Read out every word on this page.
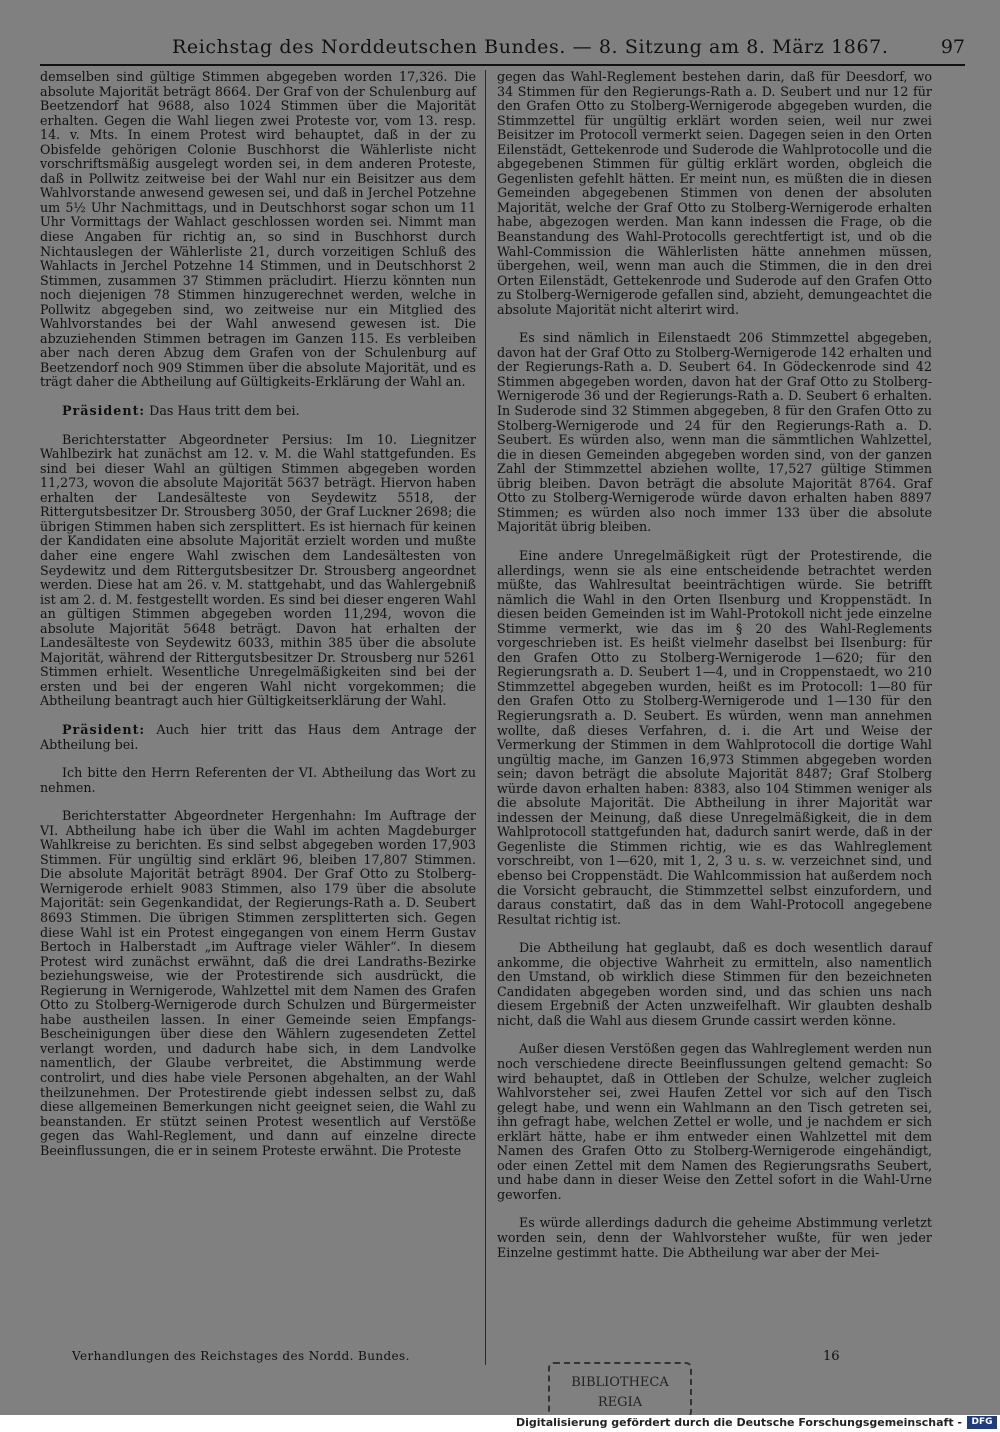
Reichstag des Norddeutschen Bundes. — 8. Sitzung am 8. März 1867.	97

demselben sind gültige Stimmen abgegeben worden 17,326. Die absolute Majorität beträgt 8664. Der Graf von der Schulenburg auf Beetzendorf hat 9688, also 1024 Stimmen über die Majorität erhalten. Gegen die Wahl liegen zwei Proteste vor, vom 13. resp. 14. v. Mts. In einem Protest wird behauptet, daß in der zu Obisfelde gehörigen Colonie Buschhorst die Wählerliste nicht vorschriftsmäßig ausgelegt worden sei, in dem anderen Proteste, daß in Pollwitz zeitweise bei der Wahl nur ein Beisitzer aus dem Wahlvorstande anwesend gewesen sei, und daß in Jerchel Potzehne um 5½ Uhr Nachmittags, und in Deutschhorst sogar schon um 11 Uhr Vormittags der Wahlact geschlossen worden sei. Nimmt man diese Angaben für richtig an, so sind in Buschhorst durch Nichtauslegen der Wählerliste 21, durch vorzeitigen Schluß des Wahlacts in Jerchel Potzehne 14 Stimmen, und in Deutschhorst 2 Stimmen, zusammen 37 Stimmen präcludirt. Hierzu könnten nun noch diejenigen 78 Stimmen hinzugerechnet werden, welche in Pollwitz abgegeben sind, wo zeitweise nur ein Mitglied des Wahlvorstandes bei der Wahl anwesend gewesen ist. Die abzuziehenden Stimmen betragen im Ganzen 115. Es verbleiben aber nach deren Abzug dem Grafen von der Schulenburg auf Beetzendorf noch 909 Stimmen über die absolute Majorität, und es trägt daher die Abtheilung auf Gültigkeits-Erklärung der Wahl an.

Präsident: Das Haus tritt dem bei.

Berichterstatter Abgeordneter Persius: Im 10. Liegnitzer Wahlbezirk hat zunächst am 12. v. M. die Wahl stattgefunden. Es sind bei dieser Wahl an gültigen Stimmen abgegeben worden 11,273, wovon die absolute Majorität 5637 beträgt. Hiervon haben erhalten der Landesälteste von Seydewitz 5518, der Rittergutsbesitzer Dr. Strousberg 3050, der Graf Luckner 2698; die übrigen Stimmen haben sich zersplittert. Es ist hiernach für keinen der Kandidaten eine absolute Majorität erzielt worden und mußte daher eine engere Wahl zwischen dem Landesältesten von Seydewitz und dem Rittergutsbesitzer Dr. Strousberg angeordnet werden. Diese hat am 26. v. M. stattgehabt, und das Wahlergebniß ist am 2. d. M. festgestellt worden. Es sind bei dieser engeren Wahl an gültigen Stimmen abgegeben worden 11,294, wovon die absolute Majorität 5648 beträgt. Davon hat erhalten der Landesälteste von Seydewitz 6033, mithin 385 über die absolute Majorität, während der Rittergutsbesitzer Dr. Strousberg nur 5261 Stimmen erhielt. Wesentliche Unregelmäßigkeiten sind bei der ersten und bei der engeren Wahl nicht vorgekommen; die Abtheilung beantragt auch hier Gültigkeitserklärung der Wahl.

Präsident: Auch hier tritt das Haus dem Antrage der Abtheilung bei.

Ich bitte den Herrn Referenten der VI. Abtheilung das Wort zu nehmen.

Berichterstatter Abgeordneter Hergenhahn: Im Auftrage der VI. Abtheilung habe ich über die Wahl im achten Magdeburger Wahlkreise zu berichten. Es sind selbst abgegeben worden 17,903 Stimmen. Für ungültig sind erklärt 96, bleiben 17,807 Stimmen. Die absolute Majorität beträgt 8904. Der Graf Otto zu Stolberg-Wernigerode erhielt 9083 Stimmen, also 179 über die absolute Majorität: sein Gegenkandidat, der Regierungs-Rath a. D. Seubert 8693 Stimmen. Die übrigen Stimmen zersplitterten sich. Gegen diese Wahl ist ein Protest eingegangen von einem Herrn Gustav Bertoch in Halberstadt „im Auftrage vieler Wähler“. In diesem Protest wird zunächst erwähnt, daß die drei Landraths-Bezirke beziehungsweise, wie der Protestirende sich ausdrückt, die Regierung in Wernigerode, Wahlzettel mit dem Namen des Grafen Otto zu Stolberg-Wernigerode durch Schulzen und Bürgermeister habe austheilen lassen. In einer Gemeinde seien Empfangs-Bescheinigungen über diese den Wählern zugesendeten Zettel verlangt worden, und dadurch habe sich, in dem Landvolke namentlich, der Glaube verbreitet, die Abstimmung werde controlirt, und dies habe viele Personen abgehalten, an der Wahl theilzunehmen. Der Protestirende giebt indessen selbst zu, daß diese allgemeinen Bemerkungen nicht geeignet seien, die Wahl zu beanstanden. Er stützt seinen Protest wesentlich auf Verstöße gegen das Wahl-Reglement, und dann auf einzelne directe Beeinflussungen, die er in seinem Proteste erwähnt. Die Proteste

gegen das Wahl-Reglement bestehen darin, daß für Deesdorf, wo 34 Stimmen für den Regierungs-Rath a. D. Seubert und nur 12 für den Grafen Otto zu Stolberg-Wernigerode abgegeben wurden, die Stimmzettel für ungültig erklärt worden seien, weil nur zwei Beisitzer im Protocoll vermerkt seien. Dagegen seien in den Orten Eilenstädt, Gettekenrode und Suderode die Wahlprotocolle und die abgegebenen Stimmen für gültig erklärt worden, obgleich die Gegenlisten gefehlt hätten. Er meint nun, es müßten die in diesen Gemeinden abgegebenen Stimmen von denen der absoluten Majorität, welche der Graf Otto zu Stolberg-Wernigerode erhalten habe, abgezogen werden. Man kann indessen die Frage, ob die Beanstandung des Wahl-Protocolls gerechtfertigt ist, und ob die Wahl-Commission die Wählerlisten hätte annehmen müssen, übergehen, weil, wenn man auch die Stimmen, die in den drei Orten Eilenstädt, Gettekenrode und Suderode auf den Grafen Otto zu Stolberg-Wernigerode gefallen sind, abzieht, demungeachtet die absolute Majorität nicht alterirt wird.

Es sind nämlich in Eilenstaedt 206 Stimmzettel abgegeben, davon hat der Graf Otto zu Stolberg-Wernigerode 142 erhalten und der Regierungs-Rath a. D. Seubert 64. In Gödeckenrode sind 42 Stimmen abgegeben worden, davon hat der Graf Otto zu Stolberg-Wernigerode 36 und der Regierungs-Rath a. D. Seubert 6 erhalten. In Suderode sind 32 Stimmen abgegeben, 8 für den Grafen Otto zu Stolberg-Wernigerode und 24 für den Regierungs-Rath a. D. Seubert. Es würden also, wenn man die sämmtlichen Wahlzettel, die in diesen Gemeinden abgegeben worden sind, von der ganzen Zahl der Stimmzettel abziehen wollte, 17,527 gültige Stimmen übrig bleiben. Davon beträgt die absolute Majorität 8764. Graf Otto zu Stolberg-Wernigerode würde davon erhalten haben 8897 Stimmen; es würden also noch immer 133 über die absolute Majorität übrig bleiben.

Eine andere Unregelmäßigkeit rügt der Protestirende, die allerdings, wenn sie als eine entscheidende betrachtet werden müßte, das Wahlresultat beeinträchtigen würde. Sie betrifft nämlich die Wahl in den Orten Ilsenburg und Kroppenstädt. In diesen beiden Gemeinden ist im Wahl-Protokoll nicht jede einzelne Stimme vermerkt, wie das im § 20 des Wahl-Reglements vorgeschrieben ist. Es heißt vielmehr daselbst bei Ilsenburg: für den Grafen Otto zu Stolberg-Wernigerode 1—620; für den Regierungsrath a. D. Seubert 1—4, und in Croppenstaedt, wo 210 Stimmzettel abgegeben wurden, heißt es im Protocoll: 1—80 für den Grafen Otto zu Stolberg-Wernigerode und 1—130 für den Regierungsrath a. D. Seubert. Es würden, wenn man annehmen wollte, daß dieses Verfahren, d. i. die Art und Weise der Vermerkung der Stimmen in dem Wahlprotocoll die dortige Wahl ungültig mache, im Ganzen 16,973 Stimmen abgegeben worden sein; davon beträgt die absolute Majorität 8487; Graf Stolberg würde davon erhalten haben: 8383, also 104 Stimmen weniger als die absolute Majorität. Die Abtheilung in ihrer Majorität war indessen der Meinung, daß diese Unregelmäßigkeit, die in dem Wahlprotocoll stattgefunden hat, dadurch sanirt werde, daß in der Gegenliste die Stimmen richtig, wie es das Wahlreglement vorschreibt, von 1—620, mit 1, 2, 3 u. s. w. verzeichnet sind, und ebenso bei Croppenstädt. Die Wahlcommission hat außerdem noch die Vorsicht gebraucht, die Stimmzettel selbst einzufordern, und daraus constatirt, daß das in dem Wahl-Protocoll angegebene Resultat richtig ist.

Die Abtheilung hat geglaubt, daß es doch wesentlich darauf ankomme, die objective Wahrheit zu ermitteln, also namentlich den Umstand, ob wirklich diese Stimmen für den bezeichneten Candidaten abgegeben worden sind, und das schien uns nach diesem Ergebniß der Acten unzweifelhaft. Wir glaubten deshalb nicht, daß die Wahl aus diesem Grunde cassirt werden könne.

Außer diesen Verstößen gegen das Wahlreglement werden nun noch verschiedene directe Beeinflussungen geltend gemacht: So wird behauptet, daß in Ottleben der Schulze, welcher zugleich Wahlvorsteher sei, zwei Haufen Zettel vor sich auf den Tisch gelegt habe, und wenn ein Wahlmann an den Tisch getreten sei, ihn gefragt habe, welchen Zettel er wolle, und je nachdem er sich erklärt hätte, habe er ihm entweder einen Wahlzettel mit dem Namen des Grafen Otto zu Stolberg-Wernigerode eingehändigt, oder einen Zettel mit dem Namen des Regierungsraths Seubert, und habe dann in dieser Weise den Zettel sofort in die Wahl-Urne geworfen.

Es würde allerdings dadurch die geheime Abstimmung verletzt worden sein, denn der Wahlvorsteher wußte, für wen jeder Einzelne gestimmt hatte. Die Abtheilung war aber der Mei-

Verhandlungen des Reichstages des Nordd. Bundes.	16
BIBLIOTHECA
REGIA
Digitalisierung gefördert durch die Deutsche Forschungsgemeinschaft -	DFG
